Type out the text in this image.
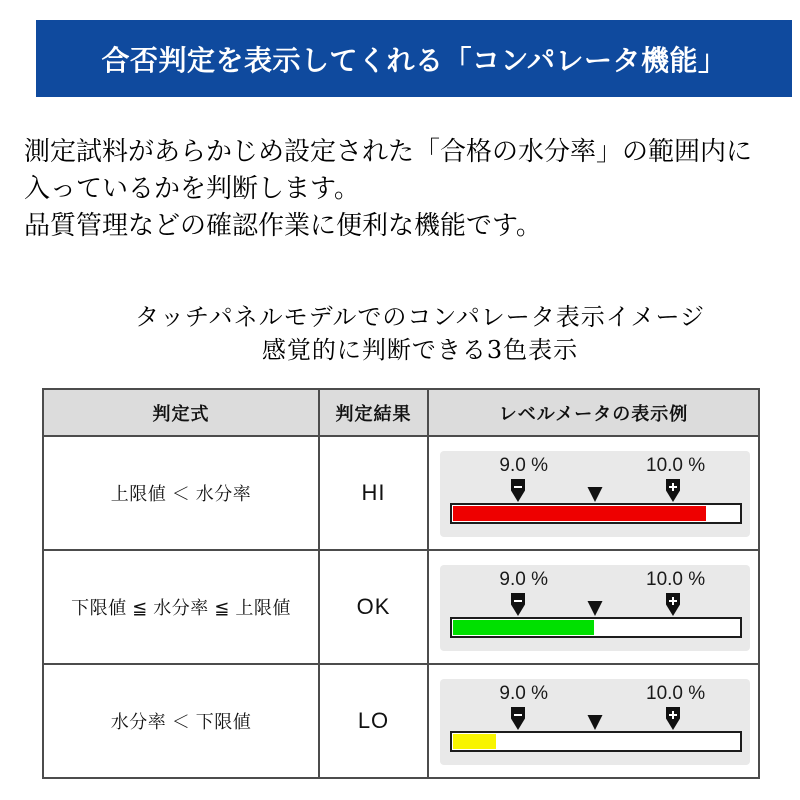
合否判定を表示してくれる「コンパレータ機能」
測定試料があらかじめ設定された「合格の水分率」の範囲内に
入っているかを判断します。
品質管理などの確認作業に便利な機能です。
タッチパネルモデルでのコンパレータ表示イメージ
感覚的に判断できる3色表示
判定式	判定結果	レベルメータの表示例
上限値 ＜ 水分率	HI	9.0 % 10.0 %

下限値 ≦ 水分率 ≦ 上限値	OK	9.0 % 10.0 %

水分率 ＜ 下限値	LO	9.0 % 10.0 %
